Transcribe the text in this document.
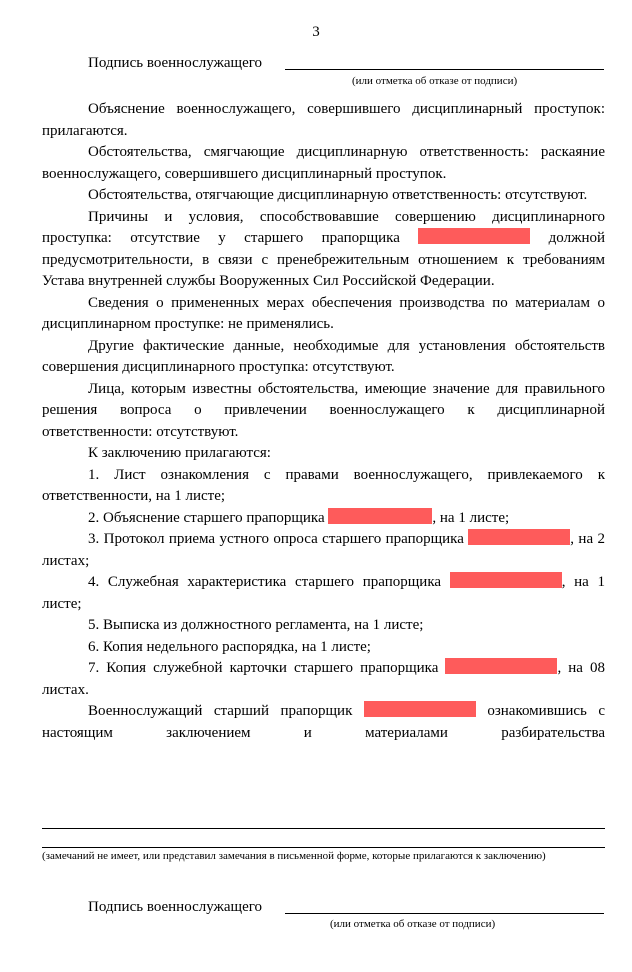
3
Подпись военнослужащего
(или отметка об отказе от подписи)

Объяснение военнослужащего, совершившего дисциплинарный проступок: прилагаются.

Обстоятельства, смягчающие дисциплинарную ответственность: раскаяние военнослужащего, совершившего дисциплинарный проступок.

Обстоятельства, отягчающие дисциплинарную ответственность: отсутствуют.

Причины и условия, способствовавшие совершению дисциплинарного проступка: отсутствие у старшего прапорщика	должной предусмотрительности, в связи с пренебрежительным отношением к требованиям Устава внутренней службы Вооруженных Сил Российской Федерации.

Сведения о примененных мерах обеспечения производства по материалам о дисциплинарном проступке: не применялись.

Другие фактические данные, необходимые для установления обстоятельств совершения дисциплинарного проступка: отсутствуют.

Лица, которым известны обстоятельства, имеющие значение для правильного решения вопроса о привлечении военнослужащего к дисциплинарной ответственности: отсутствуют.

К заключению прилагаются:

1. Лист ознакомления с правами военнослужащего, привлекаемого к ответственности, на 1 листе;

2. Объяснение старшего прапорщика	, на 1 листе;

3. Протокол приема устного опроса старшего прапорщика	, на 2 листах;

4. Служебная характеристика старшего прапорщика	, на 1 листе;

5. Выписка из должностного регламента, на 1 листе;

6. Копия недельного распорядка, на 1 листе;

7. Копия служебной карточки старшего прапорщика	, на 08 листах.

Военнослужащий старший прапорщик	ознакомившись с настоящим заключением и материалами разбирательства

(замечаний не имеет, или представил замечания в письменной форме, которые прилагаются к заключению)
Подпись военнослужащего
(или отметка об отказе от подписи)
